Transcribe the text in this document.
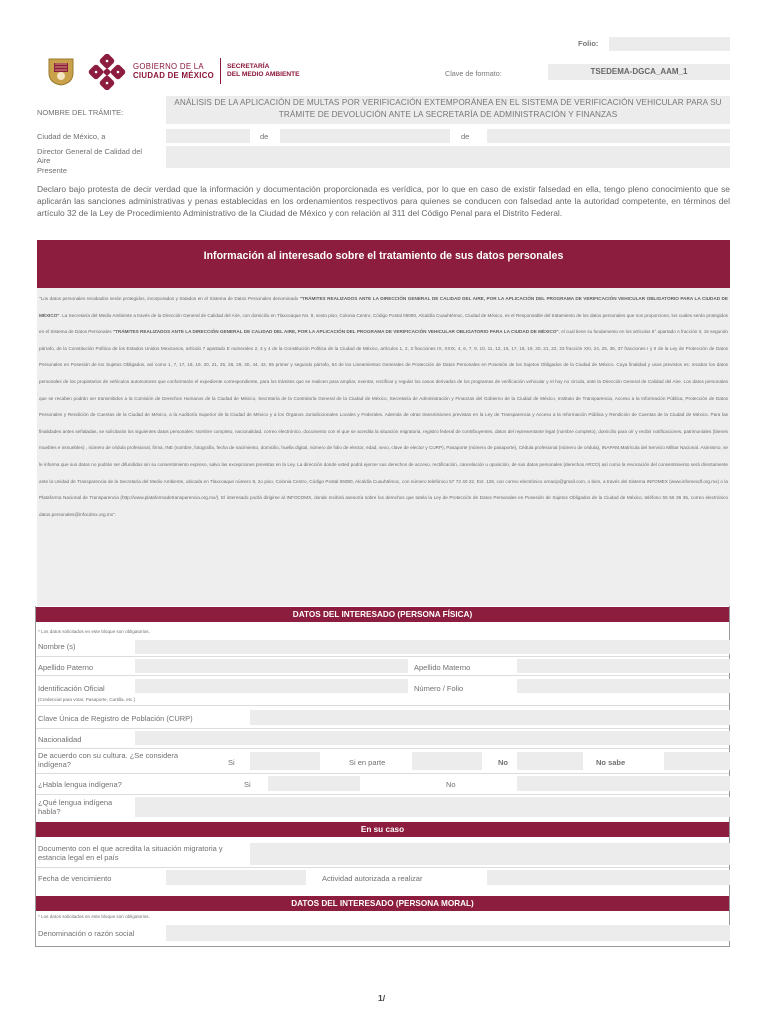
Folio:
GOBIERNO DE LA
CIUDAD DE MÉXICO
SECRETARÍA
DEL MEDIO AMBIENTE	Clave de formato:	TSEDEMA-DGCA_AAM_1
NOMBRE DEL TRÁMITE:
ANÁLISIS DE LA APLICACIÓN DE MULTAS POR VERIFICACIÓN EXTEMPORÁNEA EN EL SISTEMA DE VERIFICACIÓN VEHICULAR PARA SU TRÁMITE DE DEVOLUCIÓN ANTE LA SECRETARÍA DE ADMINISTRACIÓN Y FINANZAS
Ciudad de México, a	de	de
Director General de Calidad del
Aire
Presente
Declaro bajo protesta de decir verdad que la información y documentación proporcionada es verídica, por lo que en caso de existir falsedad en ella, tengo pleno conocimiento que se aplicarán las sanciones administrativas y penas establecidas en los ordenamientos respectivos para quienes se conducen con falsedad ante la autoridad competente, en términos del artículo 32 de la Ley de Procedimiento Administrativo de la Ciudad de México y con relación al 311 del Código Penal para el Distrito Federal.
Información al interesado sobre el tratamiento de sus datos personales
"Los datos personales recabados serán protegidos, incorporados y tratados en el Sistema de Datos Personales denominado "TRÁMITES REALIZADOS ANTE LA DIRECCIÓN GENERAL DE CALIDAD DEL AIRE, POR LA APLICACIÓN DEL PROGRAMA DE VERIFICACIÓN VEHICULAR OBLIGATORIO PARA LA CIUDAD DE MÉXICO". La Secretaría del Medio Ambiente a través de la Dirección General de Calidad del Aire, con domicilio en Tlaxcoaque No. 8, sexto piso, Colonia Centro, Código Postal 06080, Alcaldía Cuauhtémoc, Ciudad de México, es el Responsable del tratamiento de los datos personales que nos proporcione, los cuales serán protegidos en el Sistema de Datos Personales "TRÁMITES REALIZADOS ANTE LA DIRECCIÓN GENERAL DE CALIDAD DEL AIRE, POR LA APLICACIÓN DEL PROGRAMA DE VERIFICACIÓN VEHICULAR OBLIGATORIO PARA LA CIUDAD DE MÉXICO", el cual tiene su fundamento en los artículos 6° apartado A fracción II, 16 segundo párrafo, de la Constitución Política de los Estados Unidos Mexicanos, artículo 7 apartado E numerales 2, 3 y 4 de la Constitución Política de la Ciudad de México, artículos 1, 2, 3 fracciones IX, XXIX, 4, 6, 7, 9, 10, 11, 12, 16, 17, 18, 19, 20, 21, 22, 23 fracción XIII, 24, 25, 36, 37 fracciones I y II de la Ley de Protección de Datos Personales en Posesión de los Sujetos Obligados, así como 1, 7, 17, 18, 19, 20, 21, 25, 28, 29, 30, 44, 42, 65 primer y segundo párrafo, 64 de los Lineamientos Generales de Protección de Datos Personales en Posesión de los Sujetos Obligados de la Ciudad de México. Cuya finalidad y usos previstos es: recabar los datos personales de los propietarios de vehículos automotores que conformarán el expediente correspondiente, para los trámites que se realicen para ampliar, exentar, rectificar y regular los casos derivados de los programas de verificación vehicular y el hoy no circula, ante la Dirección General de Calidad del Aire. Los datos personales que se recaben podrán ser transmitidos a la Comisión de Derechos Humanos de la Ciudad de México, Secretaría de la Contraloría General de la Ciudad de México, Secretaría de Administración y Finanzas del Gobierno de la Ciudad de México, Instituto de Transparencia, Acceso a la Información Pública, Protección de Datos Personales y Rendición de Cuentas de la Ciudad de México, a la Auditoría Superior de la Ciudad de México y a los Órganos Jurisdiccionales Locales y Federales. Además de otras transmisiones previstas en la Ley de Transparencia y Acceso a la Información Pública y Rendición de Cuentas de la Ciudad de México. Para las finalidades antes señaladas, se solicitarán los siguientes datos personales: Nombre completo, nacionalidad, correo electrónico, documento con el que se acredita la situación migratoria, registro federal de contribuyentes, datos del representante legal (nombre completo), domicilio para oír y recibir notificaciones, patrimoniales (bienes muebles e inmuebles) , número de cédula profesional, firma, INE (nombre, fotografía, fecha de nacimiento, domicilio, huella digital, número de folio de elector, edad, sexo, clave de elector y CURP), Pasaporte (número de pasaporte), Cédula profesional (número de cédula), INAPAM,Matrícula del Servicio Militar Nacional. Asimismo, se le informa que sus datos no podrán ser difundidos sin su consentimiento expreso, salvo las excepciones previstas en la Ley. La dirección donde usted podrá ejercer sus derechos de acceso, rectificación, cancelación u oposición, de sus datos personales (derechos ARCO) así como la revocación del consentimiento será directamente ante la Unidad de Transparencia de la Secretaría del Medio Ambiente, ubicada en Tlaxcoaque número 8, 2o piso, Colonia Centro, Código Postal 06080, Alcaldía Cuauhtémoc, con número telefónico 57 72 40 22, Ext. 128, con correo electrónico ornacip@gmail.com, o bien, a través del Sistema INFOMEX (www.infomexdf.org.mx) o la Plataforma Nacional de Transparencia (http://www.plataformadetransparencia.org.mx/). El interesado podrá dirigirse al INFOCDMX, donde recibirá asesoría sobre los derechos que tutela la Ley de Protección de Datos Personales en Posesión de Sujetos Obligados de la Ciudad de México, teléfono 55 56 36 36, correo electrónico datos.personales@infocdmx.org.mx".
DATOS DEL INTERESADO (PERSONA FÍSICA)
* Los datos solicitados en este bloque son obligatorios.
Nombre (s)
Apellido Paterno	Apellido Materno
Identificación Oficial
(Credencial para votar, Pasaporte, Cartilla, etc.)
Número / Folio
Clave Única de Registro de Población (CURP)
Nacionalidad
De acuerdo con su cultura. ¿Se considera
indígena?	Si	Si en parte	No	No sabe
¿Habla lengua indígena?	Si	No
¿Qué lengua indígena
habla?
En su caso
Documento con el que acredita la situación migratoria y
estancia legal en el país
Fecha de vencimiento	Actividad autorizada a realizar
DATOS DEL INTERESADO (PERSONA MORAL)
* Los datos solicitados en este bloque son obligatorios.
Denominación o razón social
1/
